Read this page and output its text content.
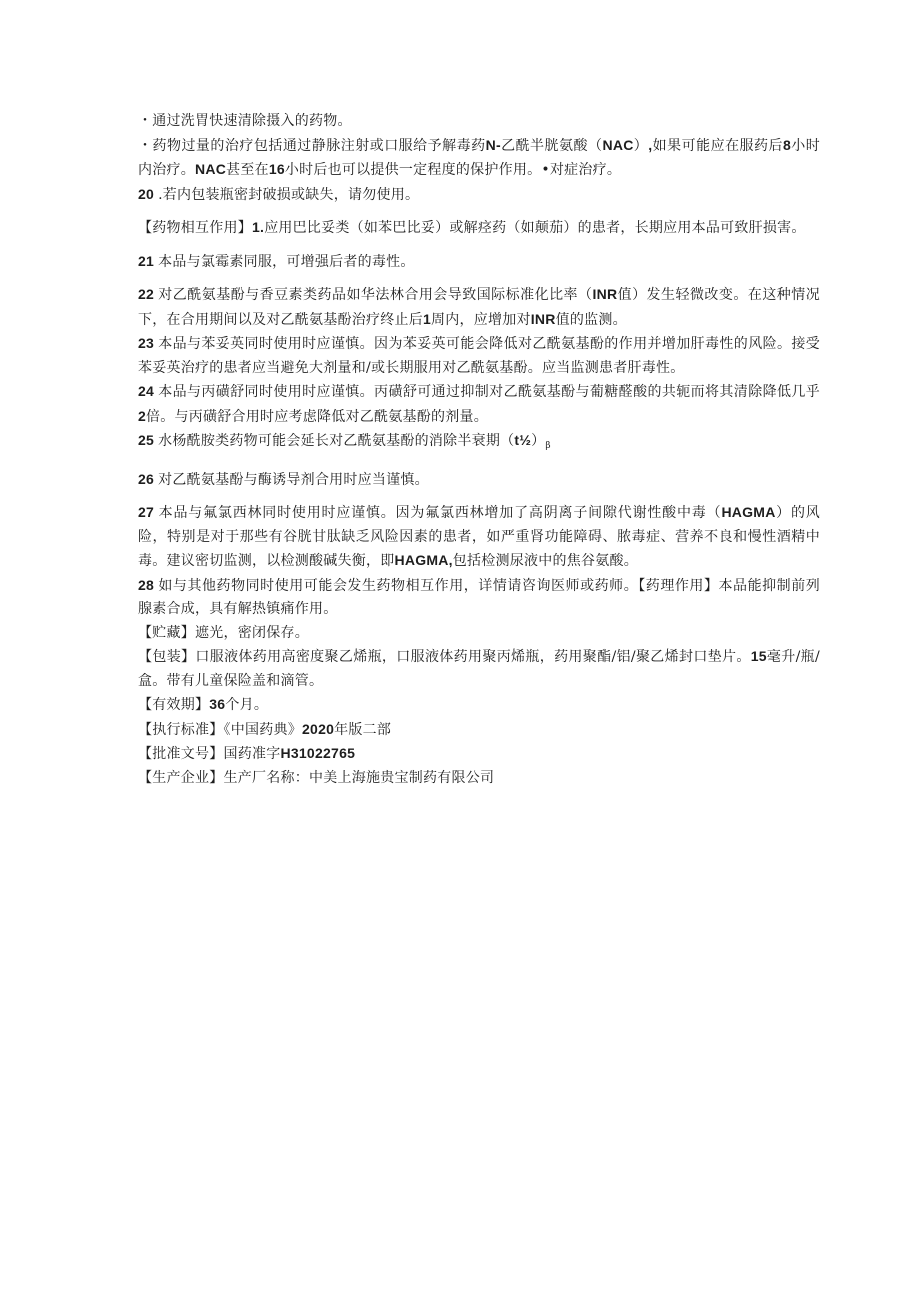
・通过洗胃快速清除摄入的药物。

・药物过量的治疗包括通过静脉注射或口服给予解毒药N-乙酰半胱氨酸（NAC）,如果可能应在服药后8小时内治疗。NAC甚至在16小时后也可以提供一定程度的保护作用。•对症治疗。

20 .若内包装瓶密封破损或缺失，请勿使用。

【药物相互作用】1.应用巴比妥类（如苯巴比妥）或解痉药（如颠茄）的患者，长期应用本品可致肝损害。

21 本品与氯霉素同服，可增强后者的毒性。

22 对乙酰氨基酚与香豆素类药品如华法林合用会导致国际标准化比率（INR值）发生轻微改变。在这种情况下，在合用期间以及对乙酰氨基酚治疗终止后1周内，应增加对INR值的监测。

23 本品与苯妥英同时使用时应谨慎。因为苯妥英可能会降低对乙酰氨基酚的作用并增加肝毒性的风险。接受苯妥英治疗的患者应当避免大剂量和/或长期服用对乙酰氨基酚。应当监测患者肝毒性。

24 本品与丙磺舒同时使用时应谨慎。丙磺舒可通过抑制对乙酰氨基酚与葡糖醛酸的共轭而将其清除降低几乎2倍。与丙磺舒合用时应考虑降低对乙酰氨基酚的剂量。

25 水杨酰胺类药物可能会延长对乙酰氨基酚的消除半衰期$(t\frac{1}{2})_\beta$

26 对乙酰氨基酚与酶诱导剂合用时应当谨慎。

27 本品与氟氯西林同时使用时应谨慎。因为氟氯西林增加了高阴离子间隙代谢性酸中毒（HAGMA）的风险，特别是对于那些有谷胱甘肽缺乏风险因素的患者，如严重肾功能障碍、脓毒症、营养不良和慢性酒精中毒。建议密切监测，以检测酸碱失衡，即HAGMA,包括检测尿液中的焦谷氨酸。

28 如与其他药物同时使用可能会发生药物相互作用，详情请咨询医师或药师。【药理作用】本品能抑制前列腺素合成，具有解热镇痛作用。

【贮藏】遮光，密闭保存。

【包装】口服液体药用高密度聚乙烯瓶，口服液体药用聚丙烯瓶，药用聚酯/铝/聚乙烯封口垫片。15毫升/瓶/盒。带有儿童保险盖和滴管。

【有效期】36个月。

【执行标准】《中国药典》2020年版二部

【批准文号】国药准字H31022765

【生产企业】生产厂名称：中美上海施贵宝制药有限公司
